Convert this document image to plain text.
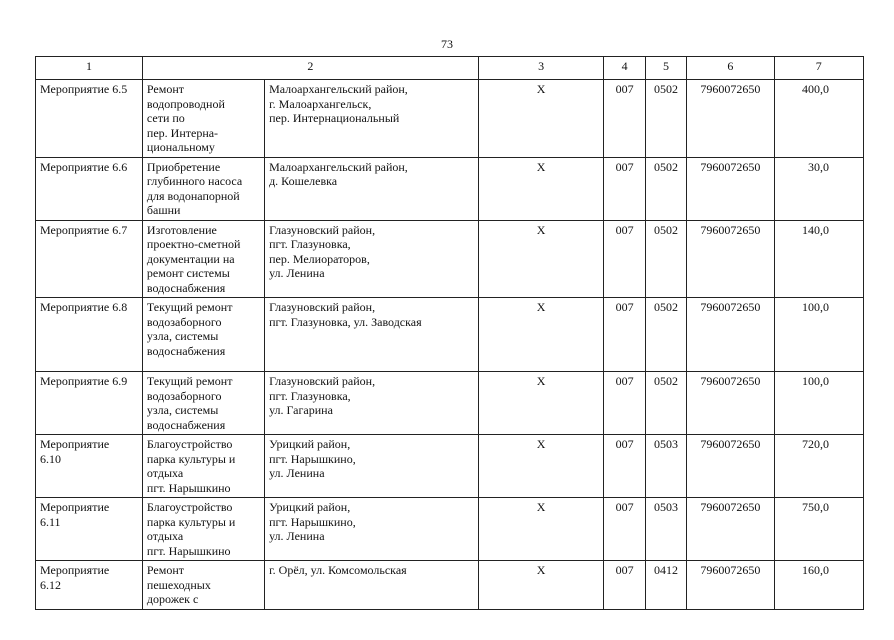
73
1	2		3	4	5	6	7
Мероприятие 6.5	Ремонт
водопроводной
сети по
пер. Интерна-
циональному	Малоархангельский район,
г. Малоархангельск,
пер. Интернациональный	X	007	0502	7960072650	400,0
Мероприятие 6.6	Приобретение
глубинного насоса
для водонапорной
башни	Малоархангельский район,
д. Кошелевка	X	007	0502	7960072650	30,0
Мероприятие 6.7	Изготовление
проектно-сметной
документации на
ремонт системы
водоснабжения	Глазуновский район,
пгт. Глазуновка,
пер. Мелиораторов,
ул. Ленина	X	007	0502	7960072650	140,0
Мероприятие 6.8	Текущий ремонт
водозаборного
узла, системы
водоснабжения	Глазуновский район,
пгт. Глазуновка, ул. Заводская	X	007	0502	7960072650	100,0
Мероприятие 6.9	Текущий ремонт
водозаборного
узла, системы
водоснабжения	Глазуновский район,
пгт. Глазуновка,
ул. Гагарина	X	007	0502	7960072650	100,0
Мероприятие
6.10	Благоустройство
парка культуры и
отдыха
пгт. Нарышкино	Урицкий район,
пгт. Нарышкино,
ул. Ленина	X	007	0503	7960072650	720,0
Мероприятие
6.11	Благоустройство
парка культуры и
отдыха
пгт. Нарышкино	Урицкий район,
пгт. Нарышкино,
ул. Ленина	X	007	0503	7960072650	750,0
Мероприятие
6.12	Ремонт
пешеходных
дорожек с	г. Орёл, ул. Комсомольская	X	007	0412	7960072650	160,0
